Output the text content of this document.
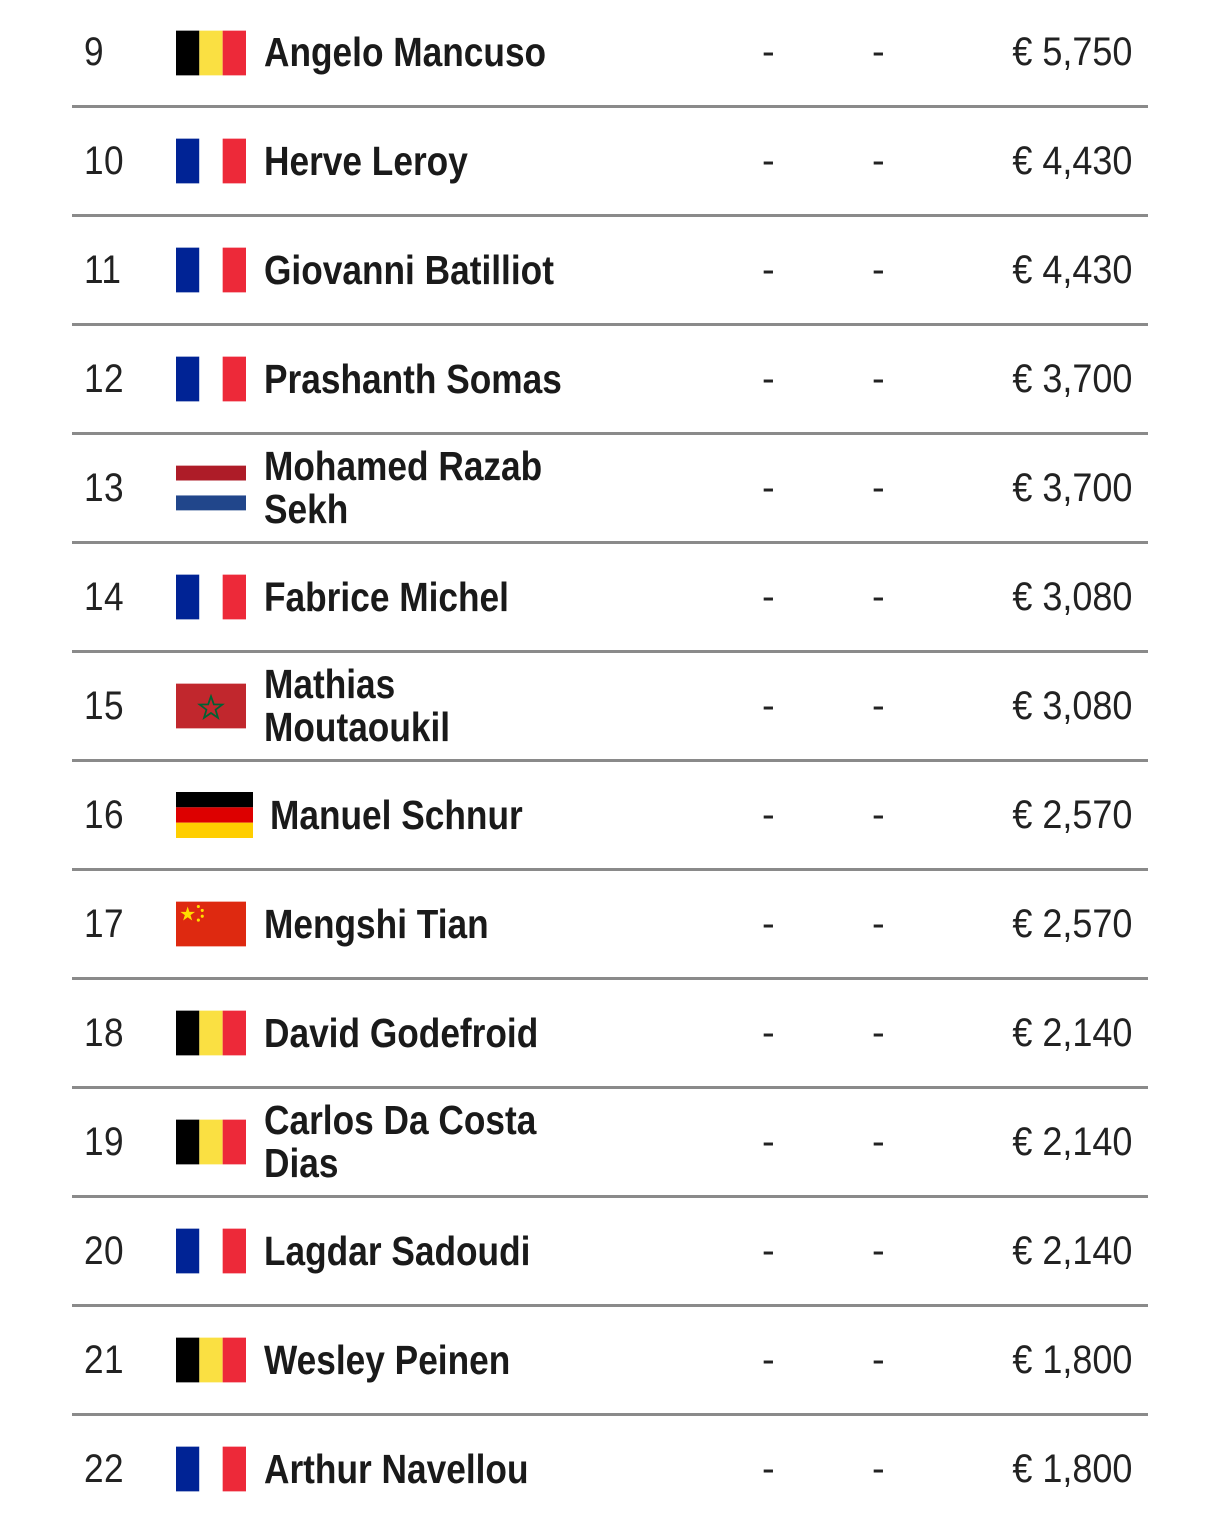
9	Angelo Mancuso	-	-	€ 5,750
10	Herve Leroy	-	-	€ 4,430
11	Giovanni Batilliot	-	-	€ 4,430
12	Prashanth Somas	-	-	€ 3,700
13	Mohamed Razab Sekh	-	-	€ 3,700
14	Fabrice Michel	-	-	€ 3,080
15	Mathias Moutaoukil	-	-	€ 3,080
16	Manuel Schnur	-	-	€ 2,570
17	Mengshi Tian	-	-	€ 2,570
18	David Godefroid	-	-	€ 2,140
19	Carlos Da Costa Dias	-	-	€ 2,140
20	Lagdar Sadoudi	-	-	€ 2,140
21	Wesley Peinen	-	-	€ 1,800
22	Arthur Navellou	-	-	€ 1,800
